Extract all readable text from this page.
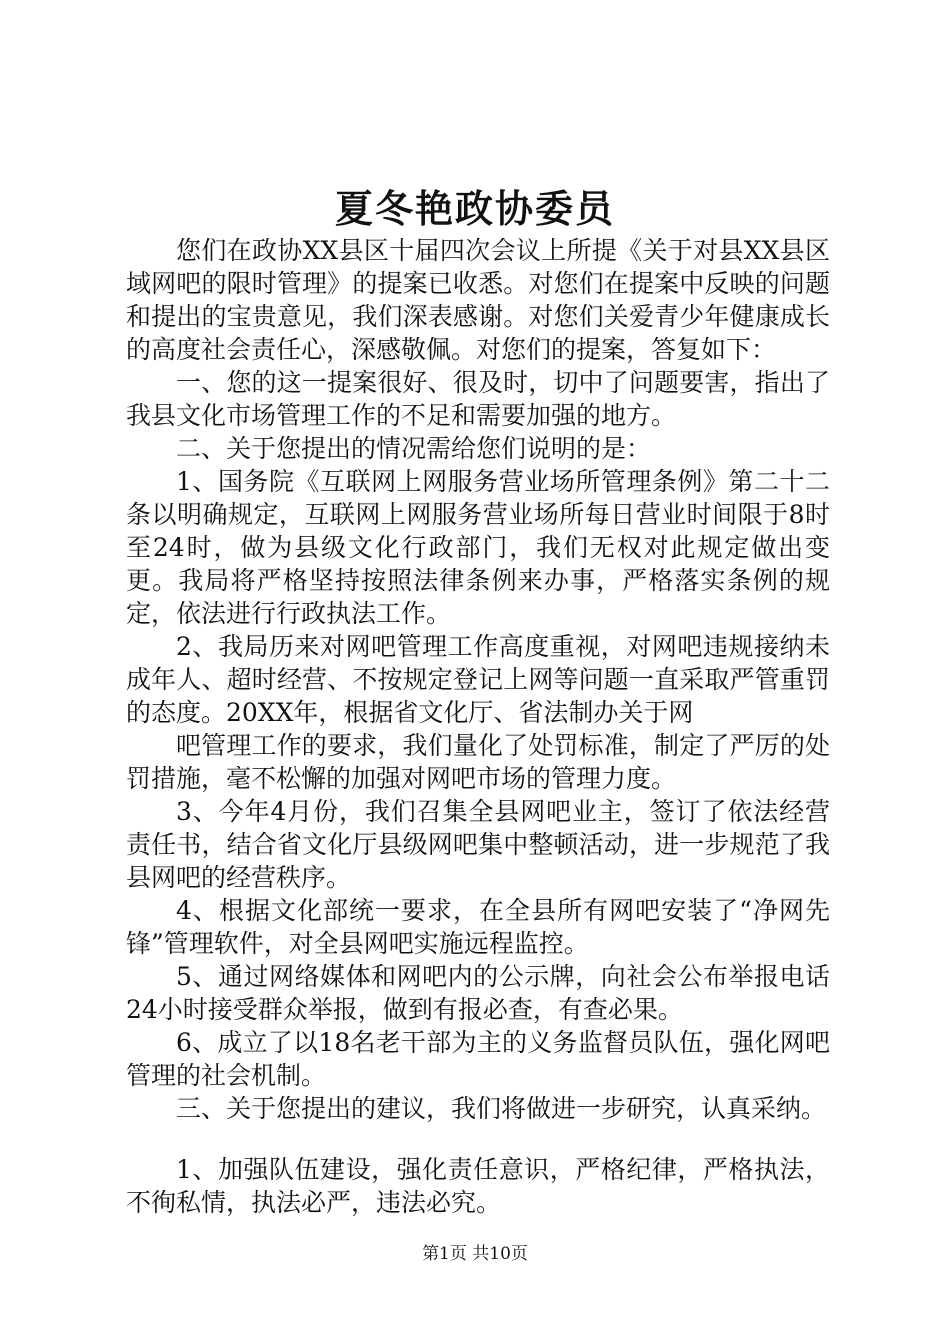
夏冬艳政协委员

您们在政协XX县区十届四次会议上所提《关于对县XX县区域网吧的限时管理》的提案已收悉。对您们在提案中反映的问题和提出的宝贵意见，我们深表感谢。对您们关爱青少年健康成长的高度社会责任心，深感敬佩。对您们的提案，答复如下：

一、您的这一提案很好、很及时，切中了问题要害，指出了我县文化市场管理工作的不足和需要加强的地方。

二、关于您提出的情况需给您们说明的是：

1、国务院《互联网上网服务营业场所管理条例》第二十二条以明确规定，互联网上网服务营业场所每日营业时间限于8时至24时，做为县级文化行政部门，我们无权对此规定做出变更。我局将严格坚持按照法律条例来办事，严格落实条例的规定，依法进行行政执法工作。

2、我局历来对网吧管理工作高度重视，对网吧违规接纳未成年人、超时经营、不按规定登记上网等问题一直采取严管重罚的态度。20XX年，根据省文化厅、省法制办关于网

吧管理工作的要求，我们量化了处罚标准，制定了严厉的处罚措施，毫不松懈的加强对网吧市场的管理力度。

3、今年4月份，我们召集全县网吧业主，签订了依法经营责任书，结合省文化厅县级网吧集中整顿活动，进一步规范了我县网吧的经营秩序。

4、根据文化部统一要求，在全县所有网吧安装了“净网先锋”管理软件，对全县网吧实施远程监控。

5、通过网络媒体和网吧内的公示牌，向社会公布举报电话24小时接受群众举报，做到有报必查，有查必果。

6、成立了以18名老干部为主的义务监督员队伍，强化网吧管理的社会机制。

三、关于您提出的建议，我们将做进一步研究，认真采纳。

1、加强队伍建设，强化责任意识，严格纪律，严格执法，不徇私情，执法必严，违法必究。

第1页 共10页
